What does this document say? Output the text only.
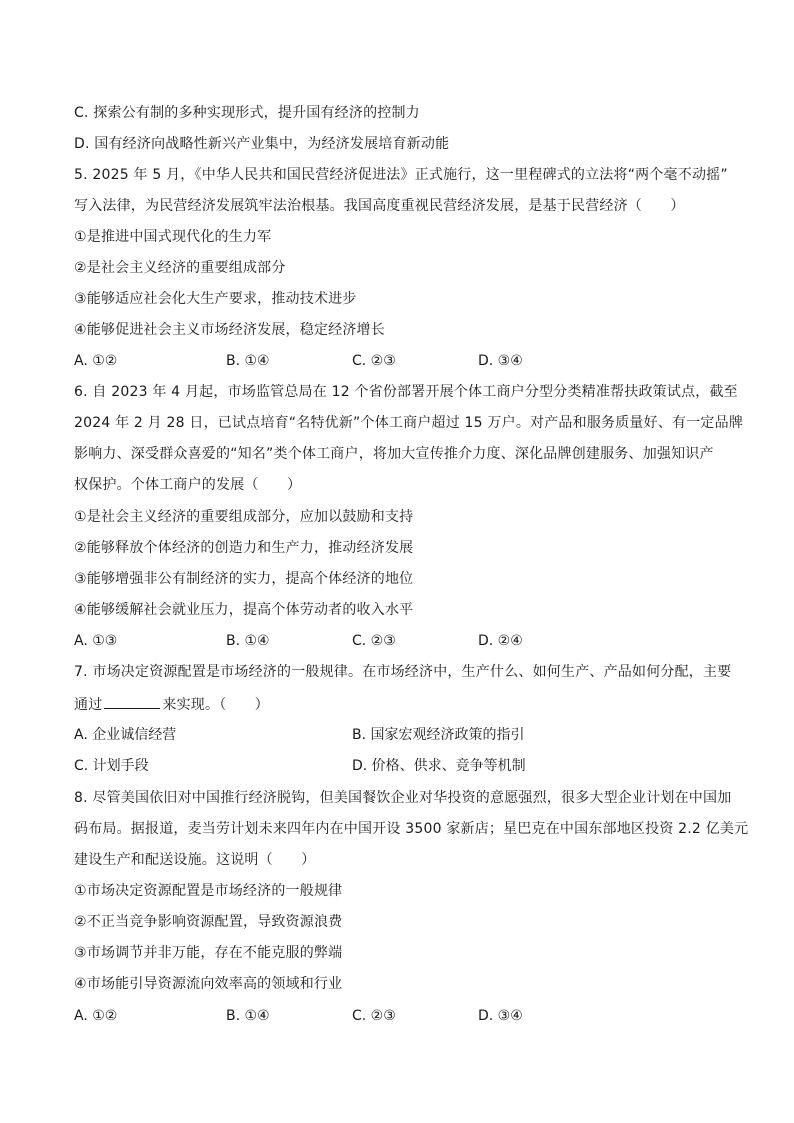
C. 探索公有制的多种实现形式，提升国有经济的控制力
D. 国有经济向战略性新兴产业集中，为经济发展培育新动能
5. 2025 年 5 月，《中华人民共和国民营经济促进法》正式施行，这一里程碑式的立法将“两个毫不动摇”
写入法律，为民营经济发展筑牢法治根基。我国高度重视民营经济发展，是基于民营经济（　　）
①是推进中国式现代化的生力军
②是社会主义经济的重要组成部分
③能够适应社会化大生产要求，推动技术进步
④能够促进社会主义市场经济发展，稳定经济增长
A. ①②	B. ①④	C. ②③	D. ③④
6. 自 2023 年 4 月起，市场监管总局在 12 个省份部署开展个体工商户分型分类精准帮扶政策试点，截至
2024 年 2 月 28 日，已试点培育“名特优新”个体工商户超过 15 万户。对产品和服务质量好、有一定品牌
影响力、深受群众喜爱的“知名”类个体工商户，将加大宣传推介力度、深化品牌创建服务、加强知识产
权保护。个体工商户的发展（　　）
①是社会主义经济的重要组成部分，应加以鼓励和支持
②能够释放个体经济的创造力和生产力，推动经济发展
③能够增强非公有制经济的实力，提高个体经济的地位
④能够缓解社会就业压力，提高个体劳动者的收入水平
A. ①③	B. ①④	C. ②③	D. ②④
7. 市场决定资源配置是市场经济的一般规律。在市场经济中，生产什么、如何生产、产品如何分配，主要
通过	来实现。（　　）
A. 企业诚信经营	B. 国家宏观经济政策的指引
C. 计划手段	D. 价格、供求、竞争等机制
8. 尽管美国依旧对中国推行经济脱钩，但美国餐饮企业对华投资的意愿强烈，很多大型企业计划在中国加
码布局。据报道，麦当劳计划未来四年内在中国开设 3500 家新店；星巴克在中国东部地区投资 2.2 亿美元
建设生产和配送设施。这说明（　　）
①市场决定资源配置是市场经济的一般规律
②不正当竞争影响资源配置，导致资源浪费
③市场调节并非万能，存在不能克服的弊端
④市场能引导资源流向效率高的领域和行业
A. ①②	B. ①④	C. ②③	D. ③④
